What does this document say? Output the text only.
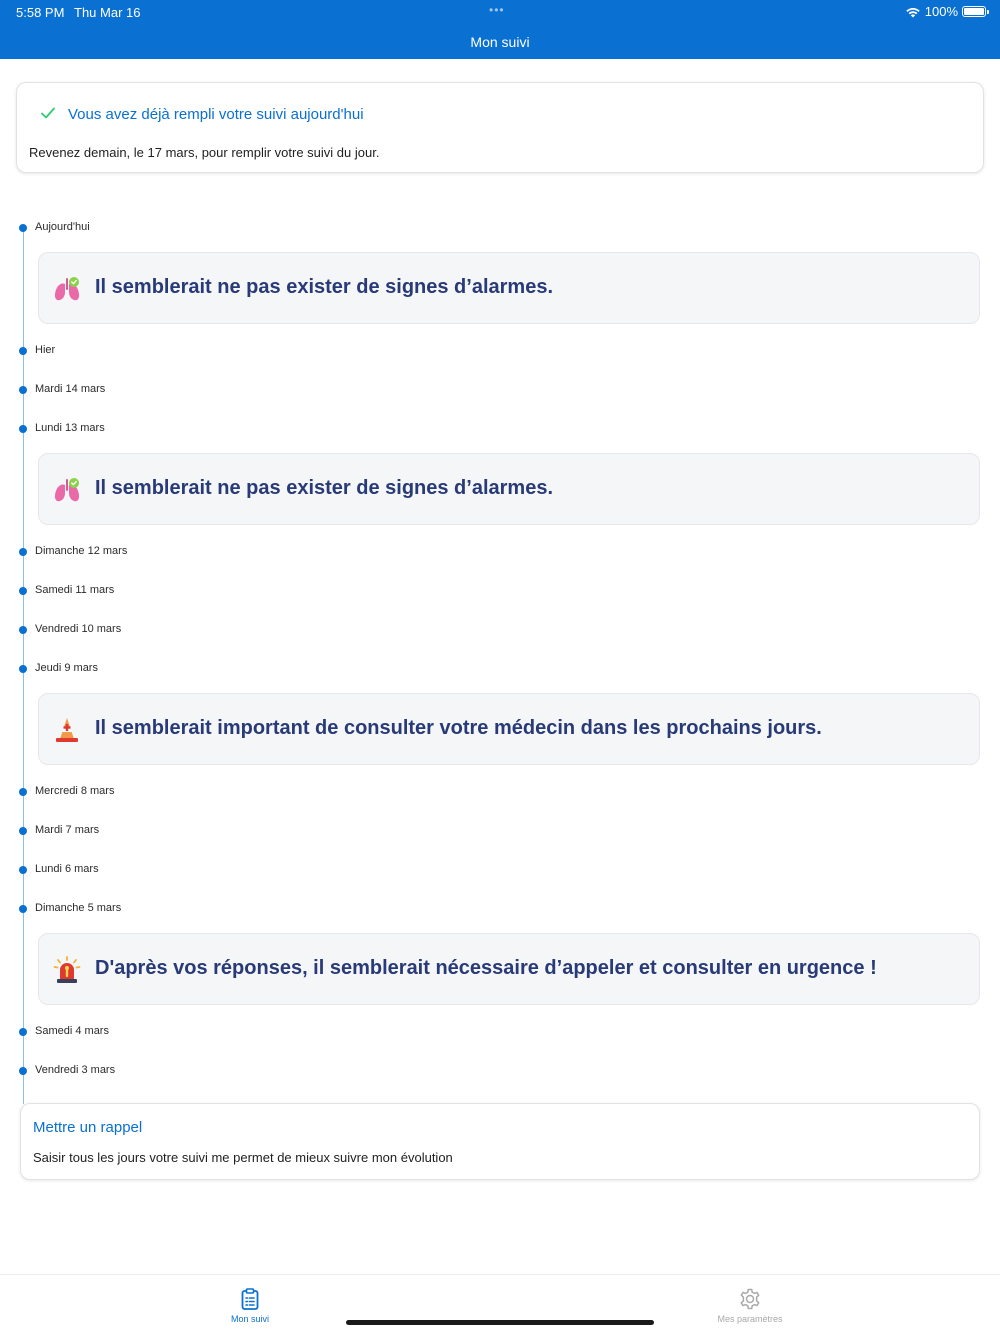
5:58 PM Thu Mar 16	•••	100%
Mon suivi
Vous avez déjà rempli votre suivi aujourd'hui
Revenez demain, le 17 mars, pour remplir votre suivi du jour.
Aujourd'hui
Il semblerait ne pas exister de signes d’alarmes.
Hier
Mardi 14 mars
Lundi 13 mars
Il semblerait ne pas exister de signes d’alarmes.
Dimanche 12 mars
Samedi 11 mars
Vendredi 10 mars
Jeudi 9 mars
Il semblerait important de consulter votre médecin dans les prochains jours.
Mercredi 8 mars
Mardi 7 mars
Lundi 6 mars
Dimanche 5 mars
D'après vos réponses, il semblerait nécessaire d’appeler et consulter en urgence !
Samedi 4 mars
Vendredi 3 mars
Mettre un rappel
Saisir tous les jours votre suivi me permet de mieux suivre mon évolution
Mon suivi	Mes paramètres
